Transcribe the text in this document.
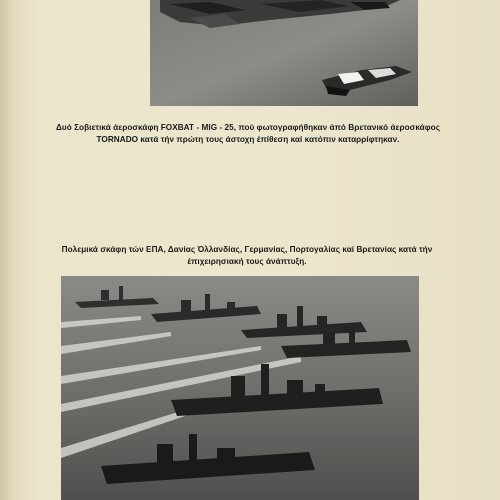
Δυό Σοβιετικά άεροσκάφη FOXBAT - MIG - 25, πού φωτογραφήθηκαν άπό Βρετανικό άεροσκάφος TORNADO κατά τήν πρώτη τους άστοχη έπίθεση καί κατόπιν καταρρίφτηκαν.
Πολεμικά σκάφη τών ΕΠΑ, Δανίας Όλλανδίας, Γερμανίας, Πορτογαλίας καί Βρετανίας κατά τήν έπιχειρησιακή τους άνάπτυξη.
